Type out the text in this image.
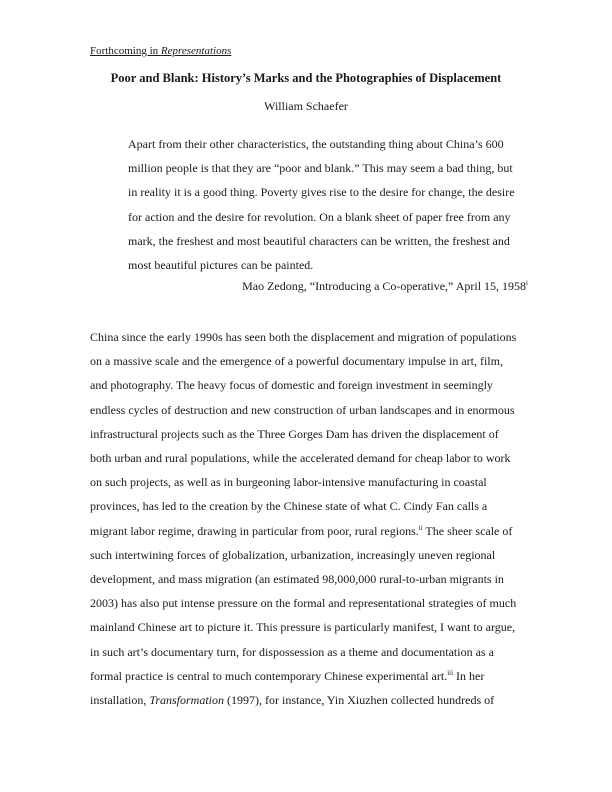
Forthcoming in Representations
Poor and Blank: History’s Marks and the Photographies of Displacement
William Schaefer
Apart from their other characteristics, the outstanding thing about China’s 600
million people is that they are “poor and blank.” This may seem a bad thing, but
in reality it is a good thing. Poverty gives rise to the desire for change, the desire
for action and the desire for revolution. On a blank sheet of paper free from any
mark, the freshest and most beautiful characters can be written, the freshest and
most beautiful pictures can be painted.
Mao Zedong, “Introducing a Co-operative,” April 15, 1958$^i$
China since the early 1990s has seen both the displacement and migration of populations
on a massive scale and the emergence of a powerful documentary impulse in art, film,
and photography. The heavy focus of domestic and foreign investment in seemingly
endless cycles of destruction and new construction of urban landscapes and in enormous
infrastructural projects such as the Three Gorges Dam has driven the displacement of
both urban and rural populations, while the accelerated demand for cheap labor to work
on such projects, as well as in burgeoning labor-intensive manufacturing in coastal
provinces, has led to the creation by the Chinese state of what C. Cindy Fan calls a
migrant labor regime, drawing in particular from poor, rural regions.$^{ii}$ The sheer scale of
such intertwining forces of globalization, urbanization, increasingly uneven regional
development, and mass migration (an estimated 98,000,000 rural-to-urban migrants in
2003) has also put intense pressure on the formal and representational strategies of much
mainland Chinese art to picture it. This pressure is particularly manifest, I want to argue,
in such art’s documentary turn, for dispossession as a theme and documentation as a
formal practice is central to much contemporary Chinese experimental art.$^{iii}$ In her
installation, Transformation (1997), for instance, Yin Xiuzhen collected hundreds of
